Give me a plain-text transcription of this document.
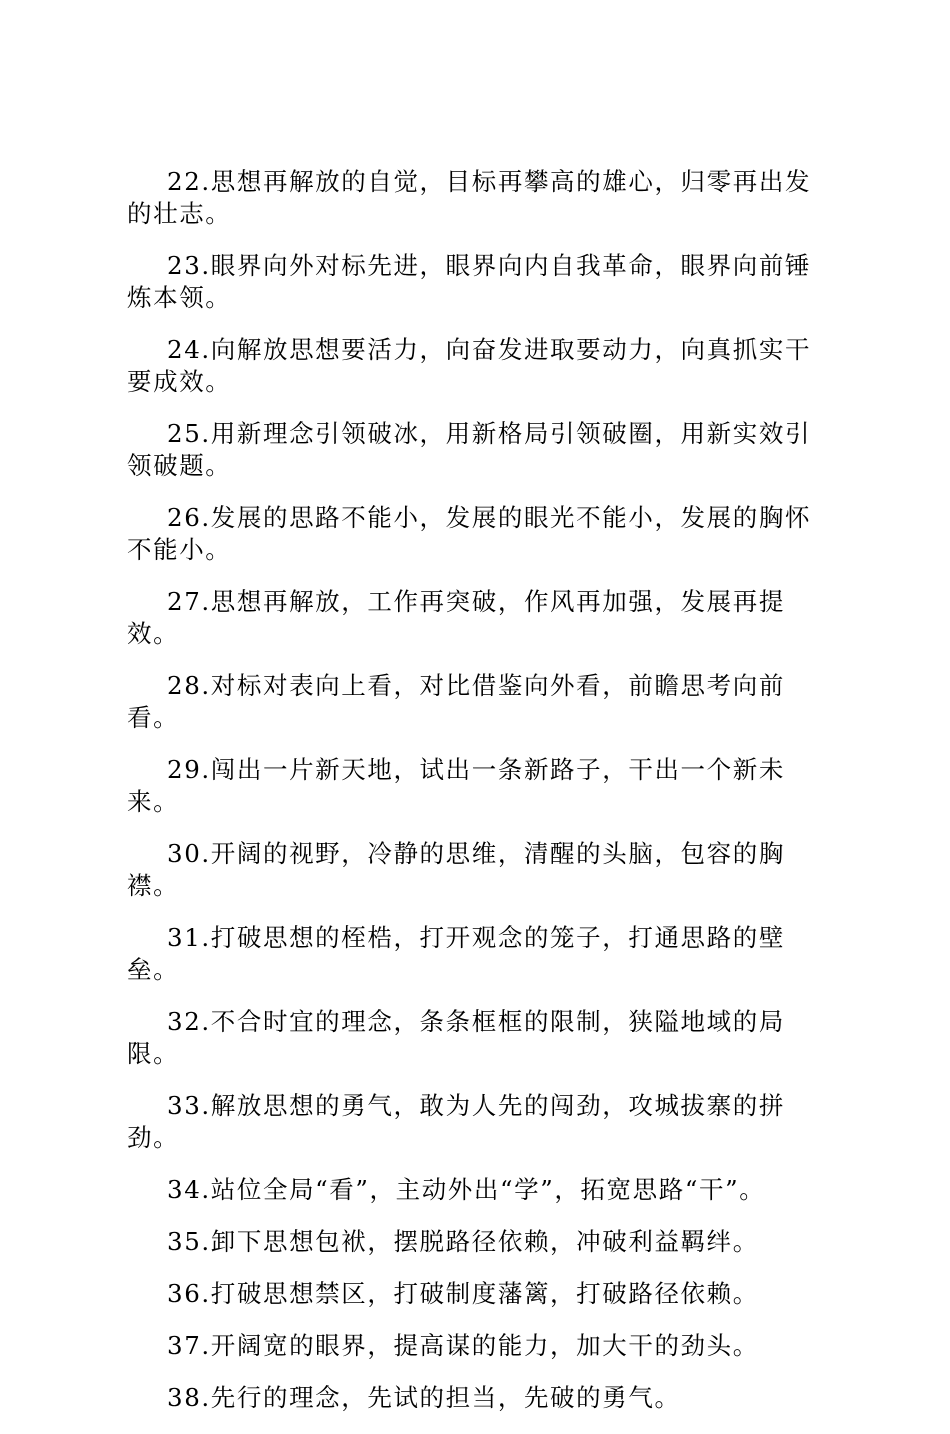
22.思想再解放的自觉，目标再攀高的雄心，归零再出发的壮志。

23.眼界向外对标先进，眼界向内自我革命，眼界向前锤炼本领。

24.向解放思想要活力，向奋发进取要动力，向真抓实干要成效。

25.用新理念引领破冰，用新格局引领破圈，用新实效引领破题。

26.发展的思路不能小，发展的眼光不能小，发展的胸怀不能小。

27.思想再解放，工作再突破，作风再加强，发展再提效。

28.对标对表向上看，对比借鉴向外看，前瞻思考向前看。

29.闯出一片新天地，试出一条新路子，干出一个新未来。

30.开阔的视野，冷静的思维，清醒的头脑，包容的胸襟。

31.打破思想的桎梏，打开观念的笼子，打通思路的壁垒。

32.不合时宜的理念，条条框框的限制，狭隘地域的局限。

33.解放思想的勇气，敢为人先的闯劲，攻城拔寨的拼劲。

34.站位全局“看”，主动外出“学”，拓宽思路“干”。

35.卸下思想包袱，摆脱路径依赖，冲破利益羁绊。

36.打破思想禁区，打破制度藩篱，打破路径依赖。

37.开阔宽的眼界，提高谋的能力，加大干的劲头。

38.先行的理念，先试的担当，先破的勇气。
